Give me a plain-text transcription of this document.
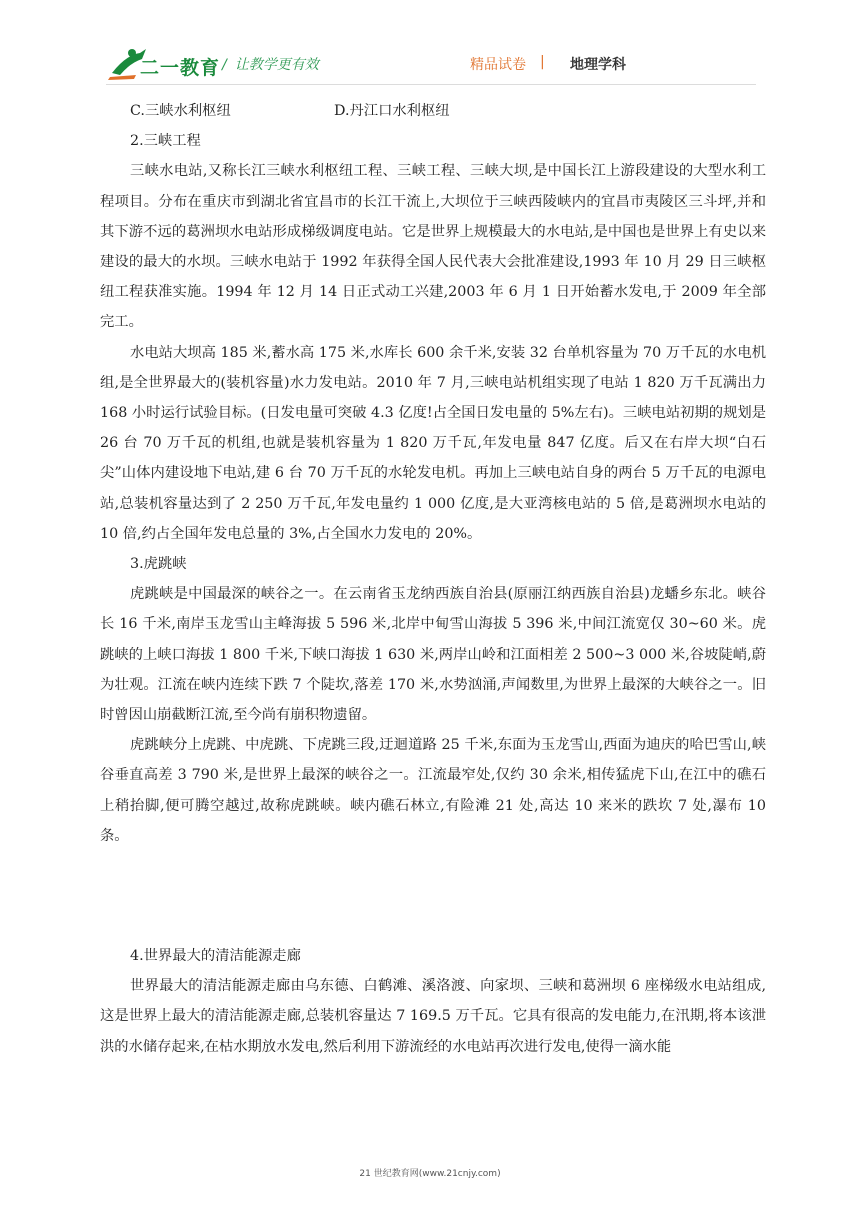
二一教育 / 让教学更有效	精品试卷 | 地理学科

C.三峡水利枢纽	D.丹江口水利枢纽

2.三峡工程

三峡水电站,又称长江三峡水利枢纽工程、三峡工程、三峡大坝,是中国长江上游段建设的大型水利工程项目。分布在重庆市到湖北省宜昌市的长江干流上,大坝位于三峡西陵峡内的宜昌市夷陵区三斗坪,并和其下游不远的葛洲坝水电站形成梯级调度电站。它是世界上规模最大的水电站,是中国也是世界上有史以来建设的最大的水坝。三峡水电站于 1992 年获得全国人民代表大会批准建设,1993 年 10 月 29 日三峡枢纽工程获准实施。1994 年 12 月 14 日正式动工兴建,2003 年 6 月 1 日开始蓄水发电,于 2009 年全部完工。

水电站大坝高 185 米,蓄水高 175 米,水库长 600 余千米,安装 32 台单机容量为 70 万千瓦的水电机组,是全世界最大的(装机容量)水力发电站。2010 年 7 月,三峡电站机组实现了电站 1 820 万千瓦满出力 168 小时运行试验目标。(日发电量可突破 4.3 亿度!占全国日发电量的 5%左右)。三峡电站初期的规划是 26 台 70 万千瓦的机组,也就是装机容量为 1 820 万千瓦,年发电量 847 亿度。后又在右岸大坝“白石尖”山体内建设地下电站,建 6 台 70 万千瓦的水轮发电机。再加上三峡电站自身的两台 5 万千瓦的电源电站,总装机容量达到了 2 250 万千瓦,年发电量约 1 000 亿度,是大亚湾核电站的 5 倍,是葛洲坝水电站的 10 倍,约占全国年发电总量的 3%,占全国水力发电的 20%。

3.虎跳峡

虎跳峡是中国最深的峡谷之一。在云南省玉龙纳西族自治县(原丽江纳西族自治县)龙蟠乡东北。峡谷长 16 千米,南岸玉龙雪山主峰海拔 5 596 米,北岸中甸雪山海拔 5 396 米,中间江流宽仅 30~60 米。虎跳峡的上峡口海拔 1 800 千米,下峡口海拔 1 630 米,两岸山岭和江面相差 2 500~3 000 米,谷坡陡峭,蔚为壮观。江流在峡内连续下跌 7 个陡坎,落差 170 米,水势汹涌,声闻数里,为世界上最深的大峡谷之一。旧时曾因山崩截断江流,至今尚有崩积物遗留。

虎跳峡分上虎跳、中虎跳、下虎跳三段,迂迴道路 25 千米,东面为玉龙雪山,西面为迪庆的哈巴雪山,峡谷垂直高差 3 790 米,是世界上最深的峡谷之一。江流最窄处,仅约 30 余米,相传猛虎下山,在江中的礁石上稍抬脚,便可腾空越过,故称虎跳峡。峡内礁石林立,有险滩 21 处,高达 10 来米的跌坎 7 处,瀑布 10 条。

4.世界最大的清洁能源走廊

世界最大的清洁能源走廊由乌东德、白鹤滩、溪洛渡、向家坝、三峡和葛洲坝 6 座梯级水电站组成,这是世界上最大的清洁能源走廊,总装机容量达 7 169.5 万千瓦。它具有很高的发电能力,在汛期,将本该泄洪的水储存起来,在枯水期放水发电,然后利用下游流经的水电站再次进行发电,使得一滴水能

21 世纪教育网(www.21cnjy.com)
